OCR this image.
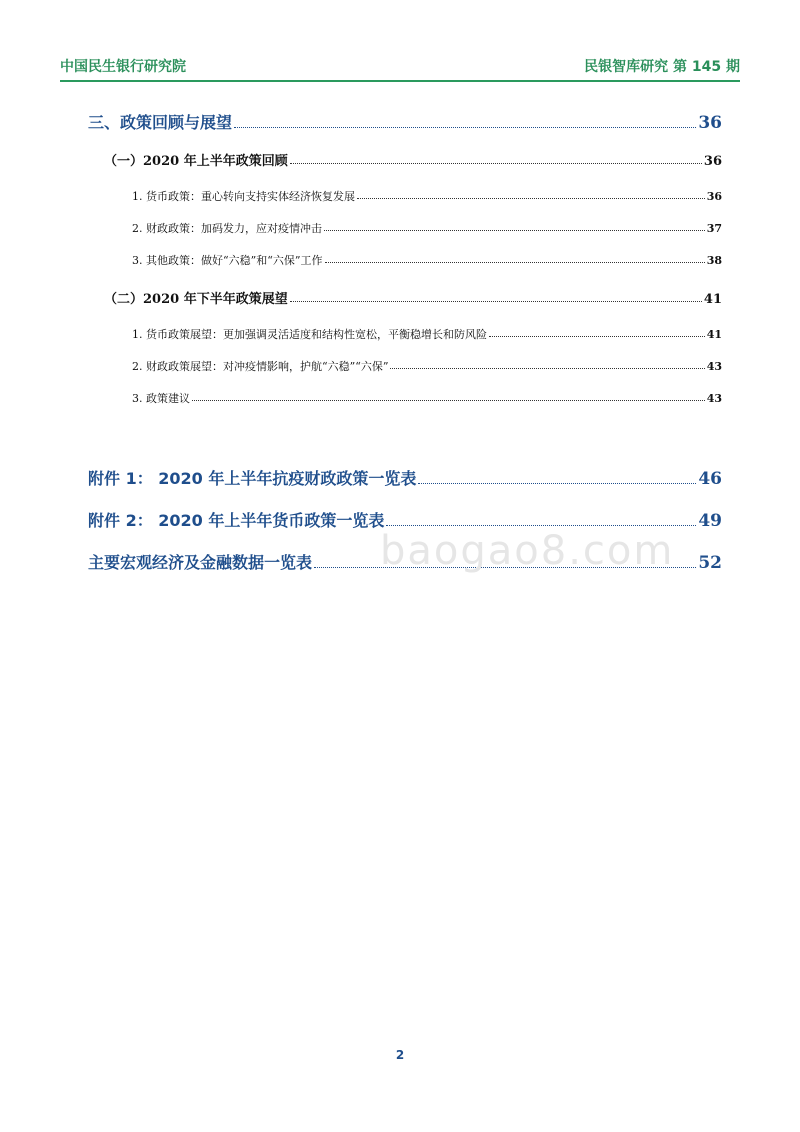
中国民生银行研究院	民银智库研究 第 145 期
三、政策回顾与展望	36
（一）2020 年上半年政策回顾	36
1. 货币政策：重心转向支持实体经济恢复发展	36
2. 财政政策：加码发力，应对疫情冲击	37
3. 其他政策：做好“六稳”和“六保”工作	38
（二）2020 年下半年政策展望	41
1. 货币政策展望：更加强调灵活适度和结构性宽松，平衡稳增长和防风险	41
2. 财政政策展望：对冲疫情影响，护航“六稳”“六保”	43
3. 政策建议	43
附件 1： 2020 年上半年抗疫财政政策一览表	46
附件 2： 2020 年上半年货币政策一览表	49
主要宏观经济及金融数据一览表	52
baogao8.com
2
